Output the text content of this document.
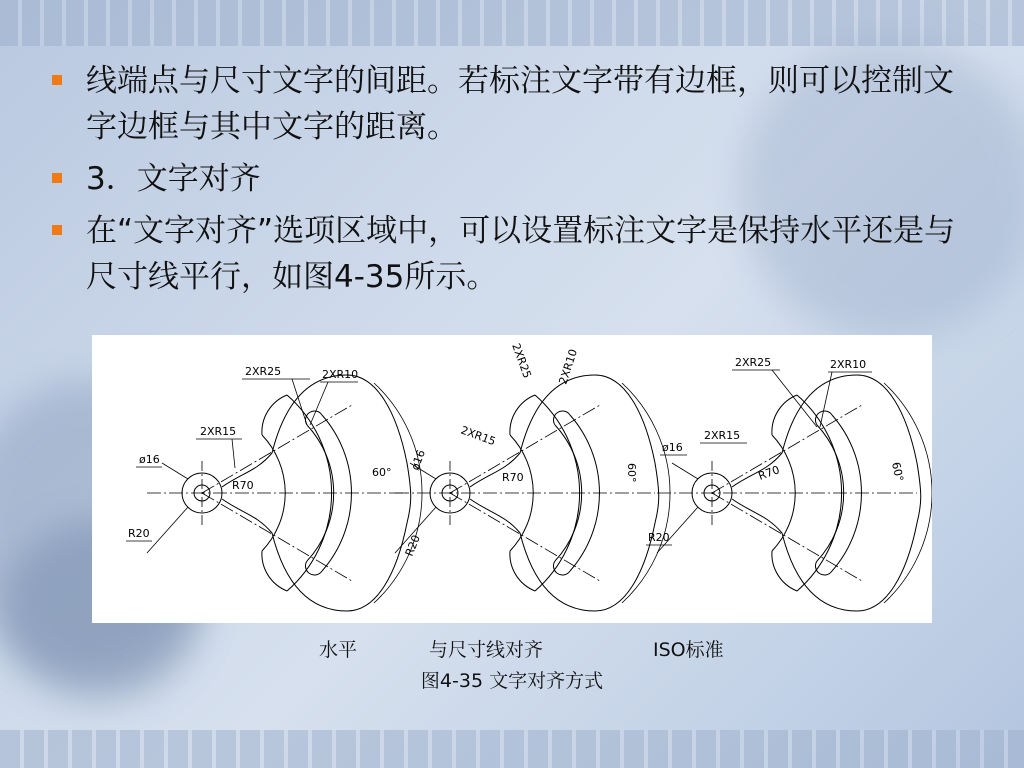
线端点与尺寸文字的间距。若标注文字带有边框，则可以控制文字边框与其中文字的距离。
3．文字对齐
在“文字对齐”选项区域中，可以设置标注文字是保持水平还是与尺寸线平行，如图4-35所示。
2XR25	2XR10
2XR15
ø16
R70
60°
R20
2XR25 2XR10
2XR15
ø16
R70	60°
R20
2XR25	2XR10
2XR15
ø16
R70	60°
R20
水平	与尺寸线对齐	ISO标准
图4-35 文字对齐方式
